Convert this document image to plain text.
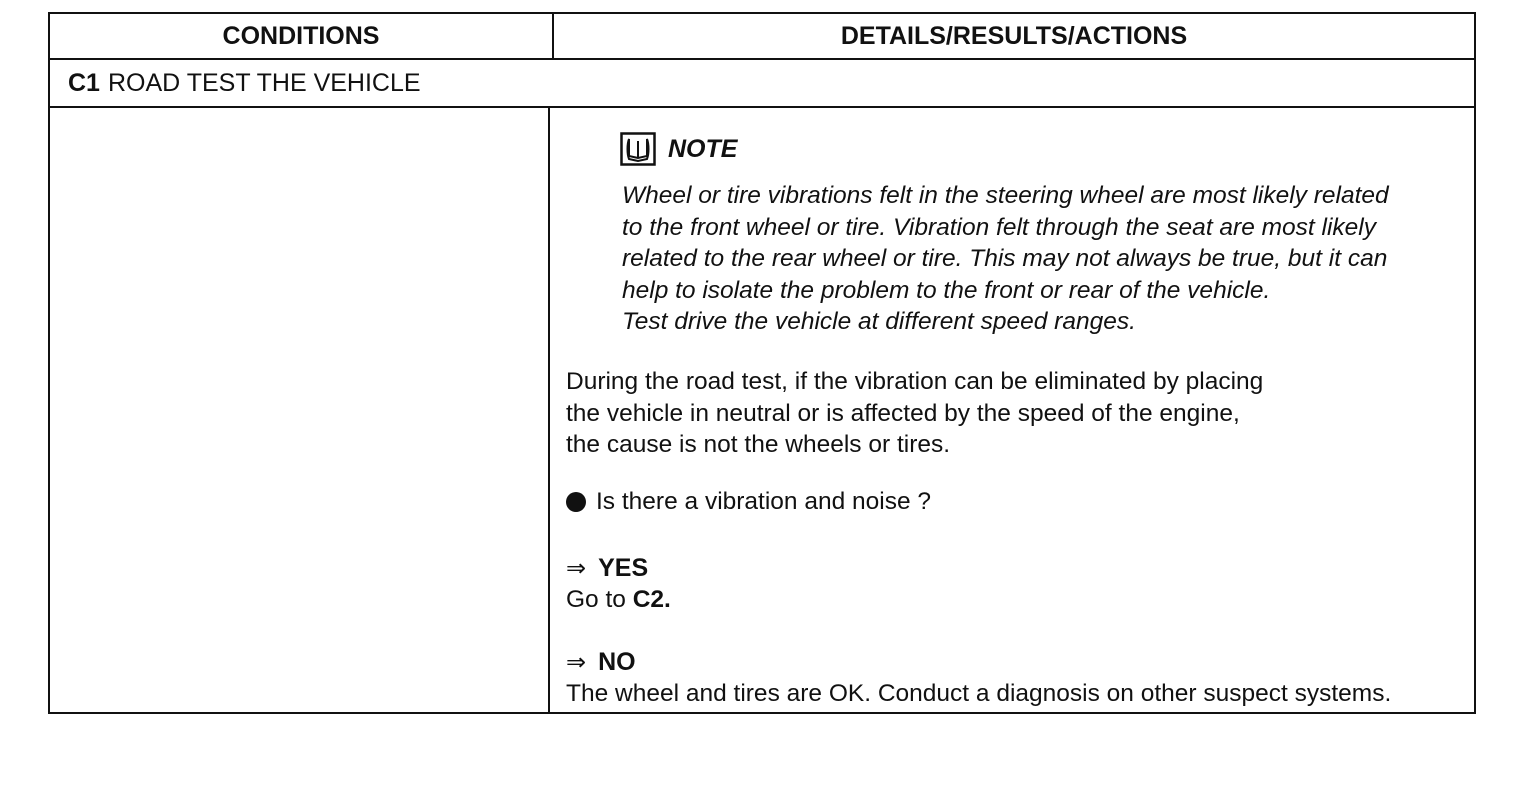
CONDITIONS	DETAILS/RESULTS/ACTIONS
C1 ROAD TEST THE VEHICLE
NOTE
Wheel or tire vibrations felt in the steering wheel are most likely related
to the front wheel or tire. Vibration felt through the seat are most likely
related to the rear wheel or tire. This may not always be true, but it can
help to isolate the problem to the front or rear of the vehicle.
Test drive the vehicle at different speed ranges.
During the road test, if the vibration can be eliminated by placing
the vehicle in neutral or is affected by the speed of the engine,
the cause is not the wheels or tires.
Is there a vibration and noise ?
⇒ YES
Go to C2.
⇒ NO
The wheel and tires are OK. Conduct a diagnosis on other suspect systems.
